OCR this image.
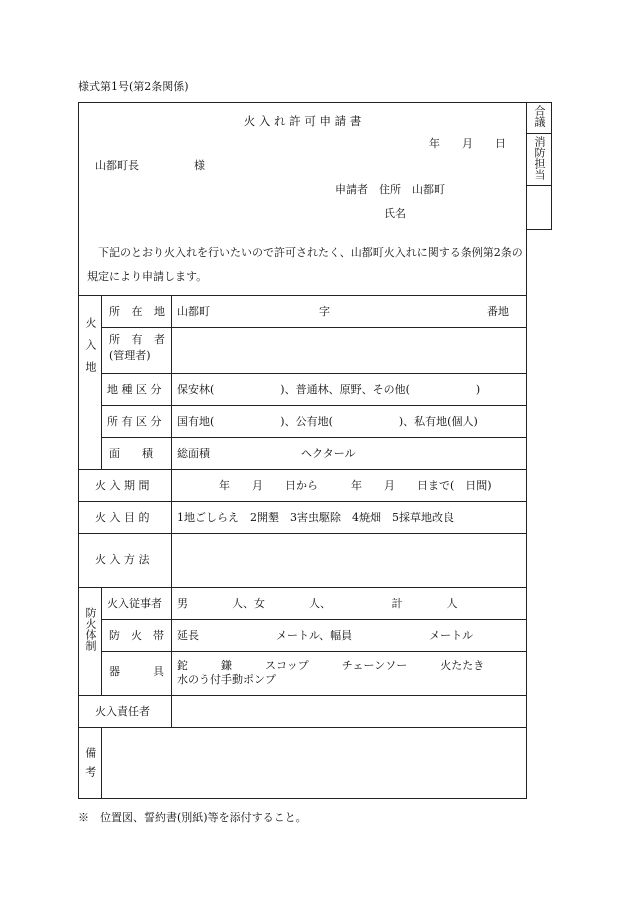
様式第1号(第2条関係)
火 入 れ 許 可 申 請 書
年　　月　　日
山都町長　　　　　様
申請者　住所　山都町
氏名
下記のとおり火入れを行いたいので許可されたく、山都町火入れに関する条例第2条の規定により申請します。
火　入　地
所 在 地 山都町	字	番地
所 有 者
(管理者)
地 種 区 分 保安林(　　　　　　)、普通林、原野、その他(　　　　　　)
所 有 区 分 国有地(　　　　　　)、公有地(　　　　　　)、私有地(個人)
面　　積 総面積	ヘクタール
火 入 期 間	年　　月　　日から　　　年　　月　　日まで(　日間)
火 入 目 的	1地ごしらえ　2開墾　3害虫駆除　4焼畑　5採草地改良
火 入 方 法
防火体制
火入従事者 男　　　　人、女　　　　人、　　　　　　計　　　　人
防　火　帯 延長　　　　　　　メートル、幅員　　　　　　　メートル
器　　　具 鉈　　　鎌　　　スコップ　　　チェーンソー　　　火たたき
水のう付手動ポンプ
火入責任者
備考
合議
消防担当
※　位置図、誓約書(別紙)等を添付すること。
